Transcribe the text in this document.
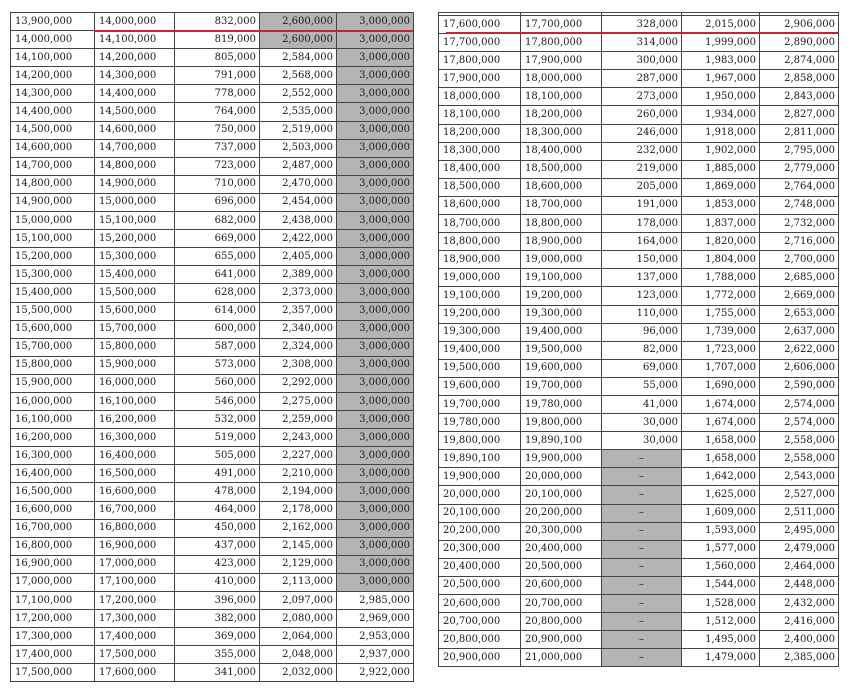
13,900,000	14,000,000	832,000	2,600,000	3,000,000
14,000,000	14,100,000	819,000	2,600,000	3,000,000
14,100,000	14,200,000	805,000	2,584,000	3,000,000
14,200,000	14,300,000	791,000	2,568,000	3,000,000
14,300,000	14,400,000	778,000	2,552,000	3,000,000
14,400,000	14,500,000	764,000	2,535,000	3,000,000
14,500,000	14,600,000	750,000	2,519,000	3,000,000
14,600,000	14,700,000	737,000	2,503,000	3,000,000
14,700,000	14,800,000	723,000	2,487,000	3,000,000
14,800,000	14,900,000	710,000	2,470,000	3,000,000
14,900,000	15,000,000	696,000	2,454,000	3,000,000
15,000,000	15,100,000	682,000	2,438,000	3,000,000
15,100,000	15,200,000	669,000	2,422,000	3,000,000
15,200,000	15,300,000	655,000	2,405,000	3,000,000
15,300,000	15,400,000	641,000	2,389,000	3,000,000
15,400,000	15,500,000	628,000	2,373,000	3,000,000
15,500,000	15,600,000	614,000	2,357,000	3,000,000
15,600,000	15,700,000	600,000	2,340,000	3,000,000
15,700,000	15,800,000	587,000	2,324,000	3,000,000
15,800,000	15,900,000	573,000	2,308,000	3,000,000
15,900,000	16,000,000	560,000	2,292,000	3,000,000
16,000,000	16,100,000	546,000	2,275,000	3,000,000
16,100,000	16,200,000	532,000	2,259,000	3,000,000
16,200,000	16,300,000	519,000	2,243,000	3,000,000
16,300,000	16,400,000	505,000	2,227,000	3,000,000
16,400,000	16,500,000	491,000	2,210,000	3,000,000
16,500,000	16,600,000	478,000	2,194,000	3,000,000
16,600,000	16,700,000	464,000	2,178,000	3,000,000
16,700,000	16,800,000	450,000	2,162,000	3,000,000
16,800,000	16,900,000	437,000	2,145,000	3,000,000
16,900,000	17,000,000	423,000	2,129,000	3,000,000
17,000,000	17,100,000	410,000	2,113,000	3,000,000
17,100,000	17,200,000	396,000	2,097,000	2,985,000
17,200,000	17,300,000	382,000	2,080,000	2,969,000
17,300,000	17,400,000	369,000	2,064,000	2,953,000
17,400,000	17,500,000	355,000	2,048,000	2,937,000
17,500,000	17,600,000	341,000	2,032,000	2,922,000

17,600,000	17,700,000	328,000	2,015,000	2,906,000
17,700,000	17,800,000	314,000	1,999,000	2,890,000
17,800,000	17,900,000	300,000	1,983,000	2,874,000
17,900,000	18,000,000	287,000	1,967,000	2,858,000
18,000,000	18,100,000	273,000	1,950,000	2,843,000
18,100,000	18,200,000	260,000	1,934,000	2,827,000
18,200,000	18,300,000	246,000	1,918,000	2,811,000
18,300,000	18,400,000	232,000	1,902,000	2,795,000
18,400,000	18,500,000	219,000	1,885,000	2,779,000
18,500,000	18,600,000	205,000	1,869,000	2,764,000
18,600,000	18,700,000	191,000	1,853,000	2,748,000
18,700,000	18,800,000	178,000	1,837,000	2,732,000
18,800,000	18,900,000	164,000	1,820,000	2,716,000
18,900,000	19,000,000	150,000	1,804,000	2,700,000
19,000,000	19,100,000	137,000	1,788,000	2,685,000
19,100,000	19,200,000	123,000	1,772,000	2,669,000
19,200,000	19,300,000	110,000	1,755,000	2,653,000
19,300,000	19,400,000	96,000	1,739,000	2,637,000
19,400,000	19,500,000	82,000	1,723,000	2,622,000
19,500,000	19,600,000	69,000	1,707,000	2,606,000
19,600,000	19,700,000	55,000	1,690,000	2,590,000
19,700,000	19,780,000	41,000	1,674,000	2,574,000
19,780,000	19,800,000	30,000	1,674,000	2,574,000
19,800,000	19,890,100	30,000	1,658,000	2,558,000
19,890,100	19,900,000	–	1,658,000	2,558,000
19,900,000	20,000,000	–	1,642,000	2,543,000
20,000,000	20,100,000	–	1,625,000	2,527,000
20,100,000	20,200,000	–	1,609,000	2,511,000
20,200,000	20,300,000	–	1,593,000	2,495,000
20,300,000	20,400,000	–	1,577,000	2,479,000
20,400,000	20,500,000	–	1,560,000	2,464,000
20,500,000	20,600,000	–	1,544,000	2,448,000
20,600,000	20,700,000	–	1,528,000	2,432,000
20,700,000	20,800,000	–	1,512,000	2,416,000
20,800,000	20,900,000	–	1,495,000	2,400,000
20,900,000	21,000,000	–	1,479,000	2,385,000
